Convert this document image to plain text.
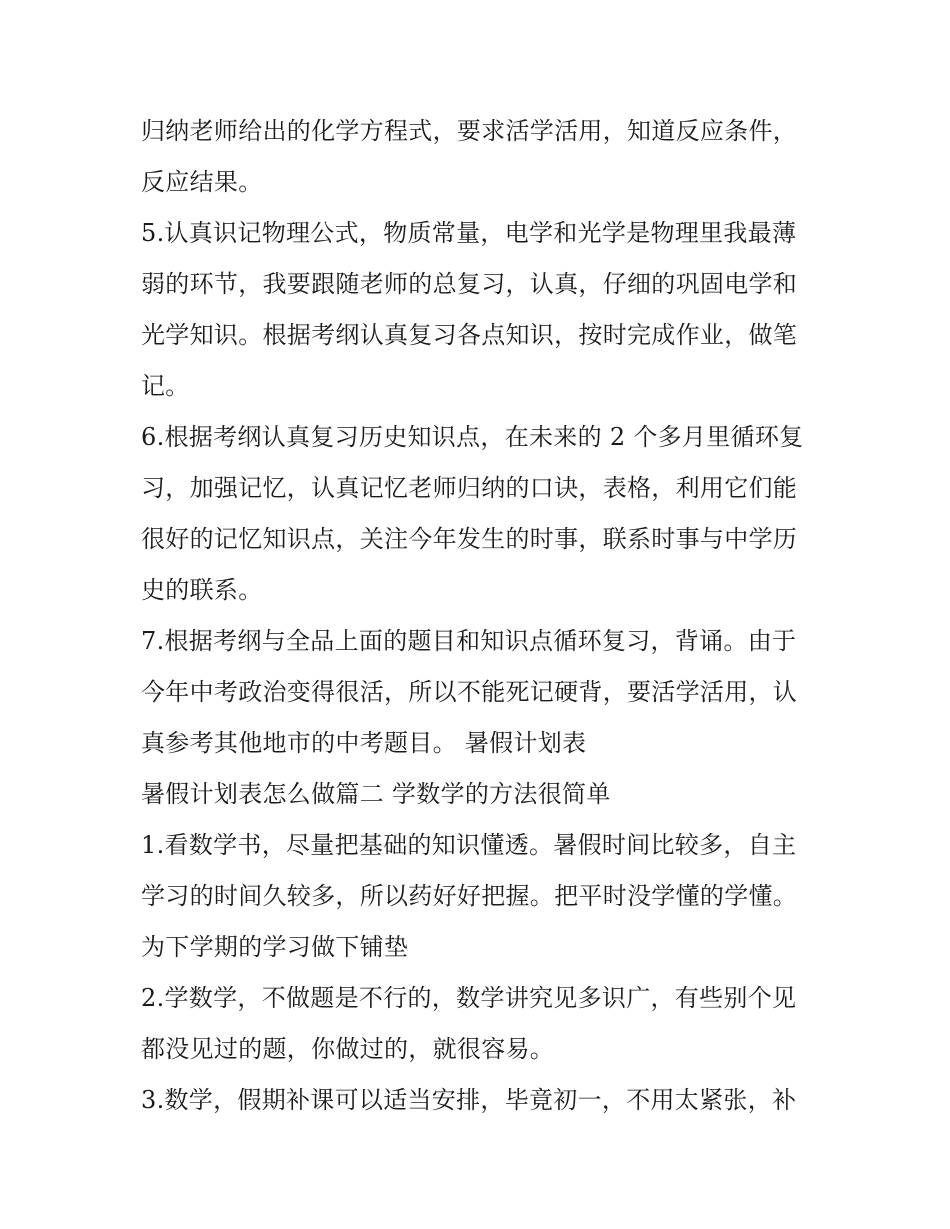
归纳老师给出的化学方程式，要求活学活用，知道反应条件，
反应结果。
5.认真识记物理公式，物质常量，电学和光学是物理里我最薄
弱的环节，我要跟随老师的总复习，认真，仔细的巩固电学和
光学知识。根据考纲认真复习各点知识，按时完成作业，做笔
记。
6.根据考纲认真复习历史知识点，在未来的 2 个多月里循环复
习，加强记忆，认真记忆老师归纳的口诀，表格，利用它们能
很好的记忆知识点，关注今年发生的时事，联系时事与中学历
史的联系。
7.根据考纲与全品上面的题目和知识点循环复习，背诵。由于
今年中考政治变得很活，所以不能死记硬背，要活学活用，认
真参考其他地市的中考题目。 暑假计划表
暑假计划表怎么做篇二 学数学的方法很简单
1.看数学书，尽量把基础的知识懂透。暑假时间比较多，自主
学习的时间久较多，所以药好好把握。把平时没学懂的学懂。
为下学期的学习做下铺垫
2.学数学，不做题是不行的，数学讲究见多识广，有些别个见
都没见过的题，你做过的，就很容易。
3.数学，假期补课可以适当安排，毕竟初一，不用太紧张，补
